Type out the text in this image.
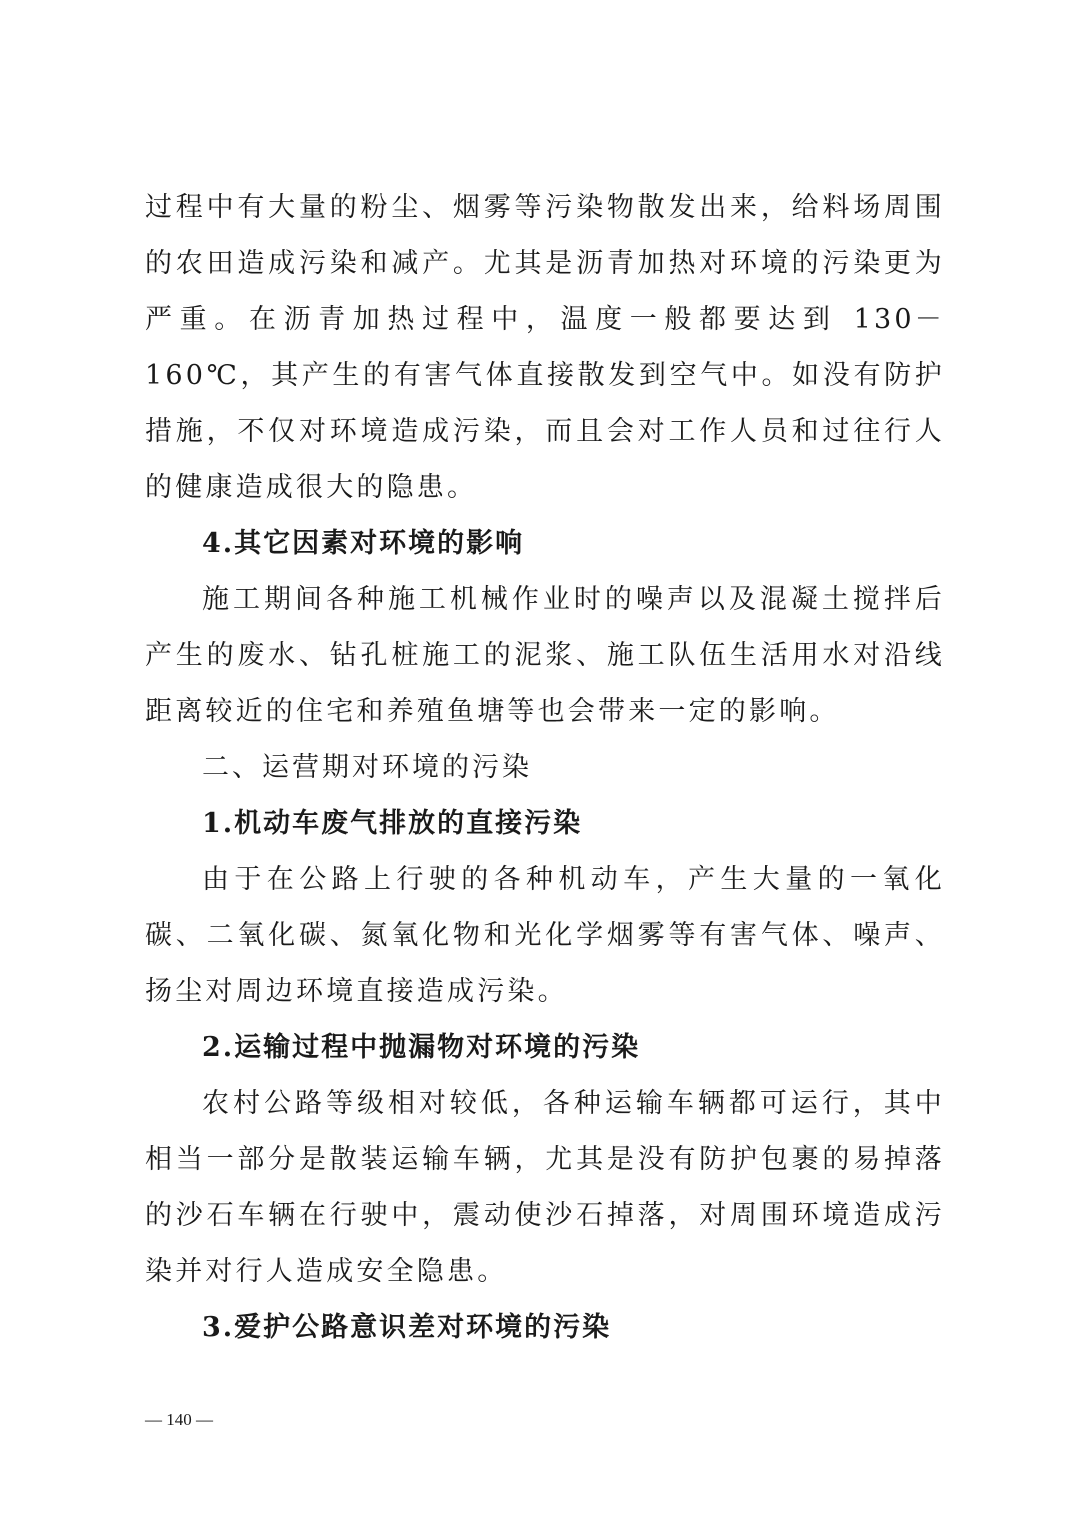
过程中有大量的粉尘、烟雾等污染物散发出来，给料场周围的农田造成污染和减产。尤其是沥青加热对环境的污染更为严重。在沥青加热过程中，温度一般都要达到 130－160℃，其产生的有害气体直接散发到空气中。如没有防护措施，不仅对环境造成污染，而且会对工作人员和过往行人的健康造成很大的隐患。

4.其它因素对环境的影响

施工期间各种施工机械作业时的噪声以及混凝土搅拌后产生的废水、钻孔桩施工的泥浆、施工队伍生活用水对沿线距离较近的住宅和养殖鱼塘等也会带来一定的影响。

二、运营期对环境的污染

1.机动车废气排放的直接污染

由于在公路上行驶的各种机动车，产生大量的一氧化碳、二氧化碳、氮氧化物和光化学烟雾等有害气体、噪声、扬尘对周边环境直接造成污染。

2.运输过程中抛漏物对环境的污染

农村公路等级相对较低，各种运输车辆都可运行，其中相当一部分是散装运输车辆，尤其是没有防护包裹的易掉落的沙石车辆在行驶中，震动使沙石掉落，对周围环境造成污染并对行人造成安全隐患。

3.爱护公路意识差对环境的污染

— 140 —
